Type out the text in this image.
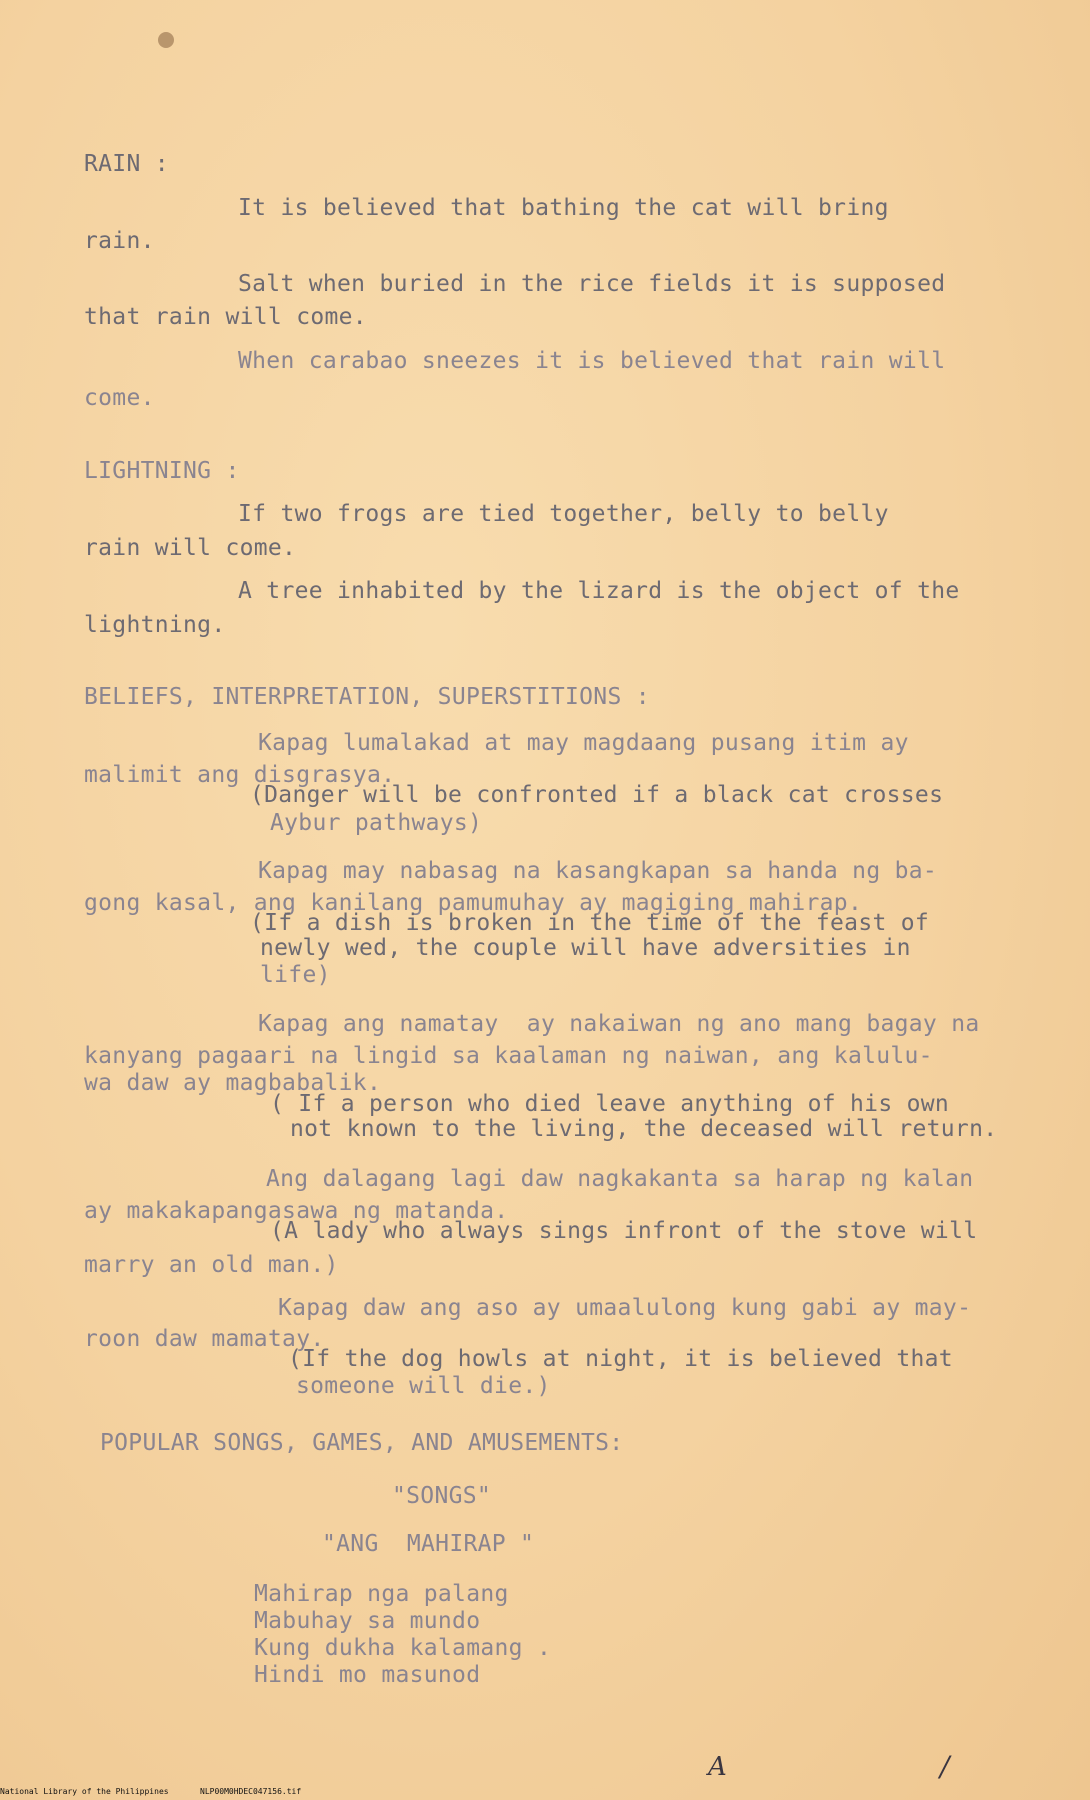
RAIN :
It is believed that bathing the cat will bring
rain.
Salt when buried in the rice fields it is supposed
that rain will come.
When carabao sneezes it is believed that rain will
come.
LIGHTNING :
If two frogs are tied together, belly to belly
rain will come.
A tree inhabited by the lizard is the object of the
lightning.
BELIEFS, INTERPRETATION, SUPERSTITIONS :
Kapag lumalakad at may magdaang pusang itim ay
malimit ang disgrasya.
(Danger will be confronted if a black cat crosses
Aybur pathways)
Kapag may nabasag na kasangkapan sa handa ng ba-
gong kasal, ang kanilang pamumuhay ay magiging mahirap.
(If a dish is broken in the time of the feast of
newly wed, the couple will have adversities in
life)
Kapag ang namatay  ay nakaiwan ng ano mang bagay na
kanyang pagaari na lingid sa kaalaman ng naiwan, ang kalulu-
wa daw ay magbabalik.
( If a person who died leave anything of his own
not known to the living, the deceased will return.
Ang dalagang lagi daw nagkakanta sa harap ng kalan
ay makakapangasawa ng matanda.
(A lady who always sings infront of the stove will
marry an old man.)
Kapag daw ang aso ay umaalulong kung gabi ay may-
roon daw mamatay.
(If the dog howls at night, it is believed that
someone will die.)
POPULAR SONGS, GAMES, AND AMUSEMENTS:
"SONGS"
"ANG  MAHIRAP "
Mahirap nga palang
Mabuhay sa mundo
Kung dukha kalamang .
Hindi mo masunod
A	/
National Library of the Philippines	NLP00M0HDEC047156.tif
